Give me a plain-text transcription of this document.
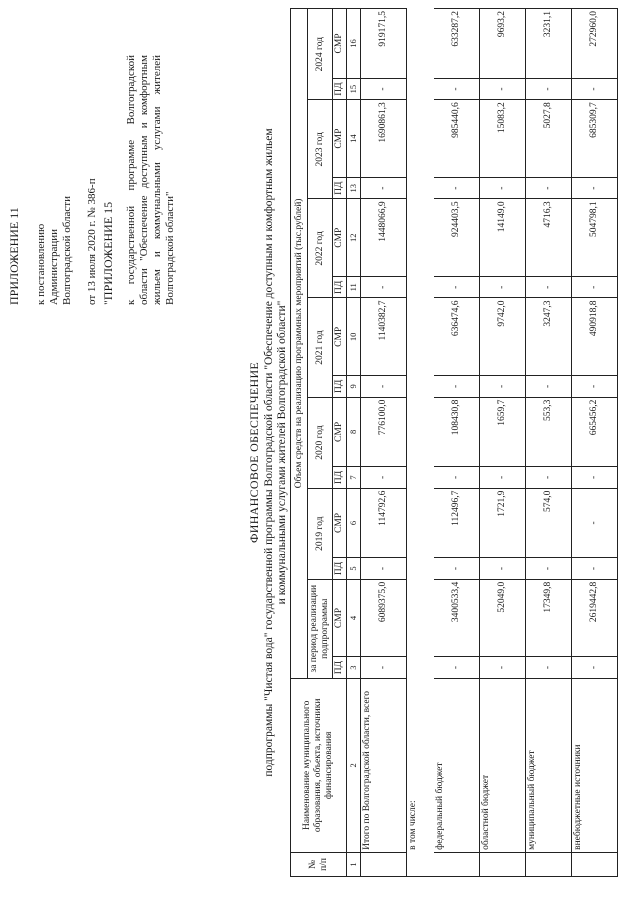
ПРИЛОЖЕНИЕ 11 к постановлению Администрации Волгоградской области от 13 июля 2020 г. № 386-п "ПРИЛОЖЕНИЕ 15 к государственной программе Волгоградской области "Обеспечение доступным и комфортным жильем и коммунальными услугами жителей Волгоградской области"
ФИНАНСОВОЕ ОБЕСПЕЧЕНИЕ подпрограммы "Чистая вода" государственной программы Волгоградской области "Обеспечение доступным и комфортным жильем и коммунальными услугами жителей Волгоградской области"
№ п/п	Наименование муниципального образования, объекта, источники финансирования	Объем средств на реализацию программных мероприятий (тыс.рублей)													
		за период реализации подпрограммы		2019 год		2020 год		2021 год		2022 год		2023 год		2024 год	
		ПД	СМР	ПД	СМР	ПД	СМР	ПД	СМР	ПД	СМР	ПД	СМР	ПД	СМР
1	2	3	4	5	6	7	8	9	10	11	12	13	14	15	16
	Итого по Волгоградской области, всего	-	6089375,0	-	114792,6	-	776100,0	-	1140382,7	-	1448066,9	-	1690861,3	-	919171,5
	в том числе:														
	федеральный бюджет	-	3400533,4	-	112496,7	-	108430,8	-	636474,6	-	924403,5	-	985440,6	-	633287,2
	областной бюджет	-	52049,0	-	1721,9	-	1659,7	-	9742,0	-	14149,0	-	15083,2	-	9693,2
	муниципальный бюджет	-	17349,8	-	574,0	-	553,3	-	3247,3	-	4716,3	-	5027,8	-	3231,1
	внебюджетные источники	-	2619442,8	-	-	-	665456,2	-	490918,8	-	504798,1	-	685309,7	-	272960,0
